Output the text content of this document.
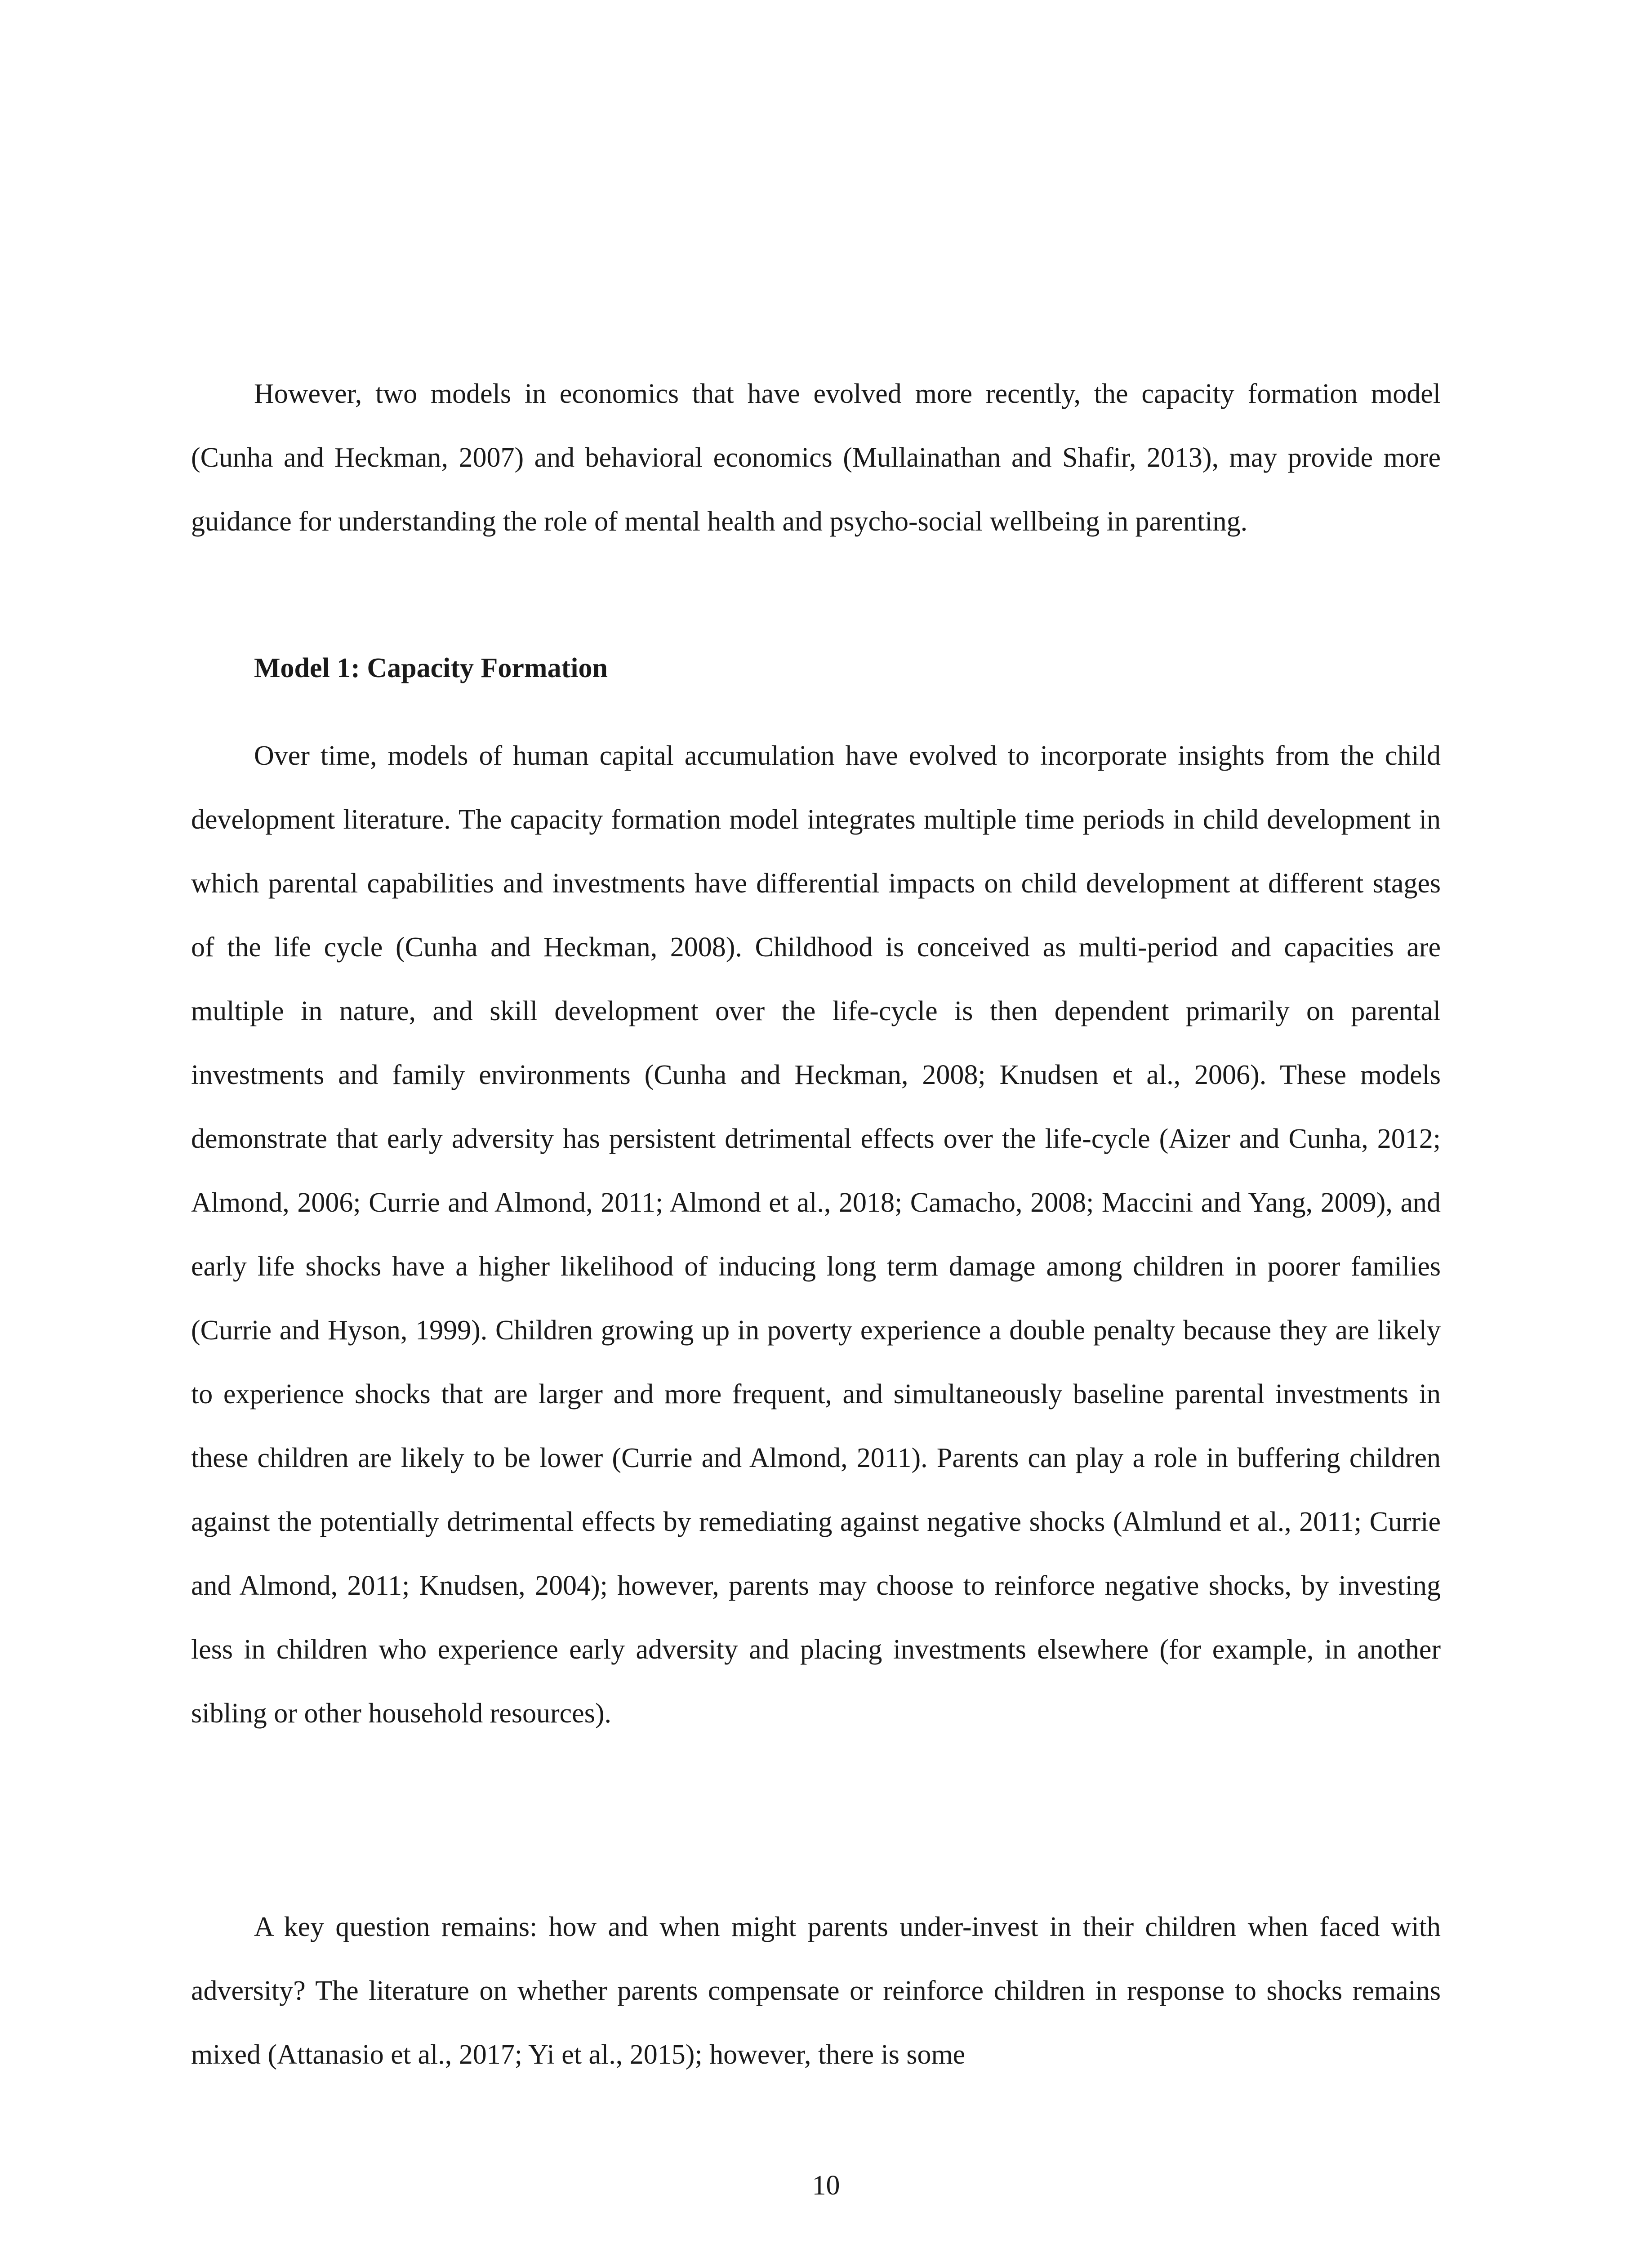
However, two models in economics that have evolved more recently, the capacity formation model (Cunha and Heckman, 2007) and behavioral economics (Mullainathan and Shafir, 2013), may provide more guidance for understanding the role of mental health and psycho-social wellbeing in parenting.

Model 1: Capacity Formation

Over time, models of human capital accumulation have evolved to incorporate insights from the child development literature. The capacity formation model integrates multiple time periods in child development in which parental capabilities and investments have differential impacts on child development at different stages of the life cycle (Cunha and Heckman, 2008). Childhood is conceived as multi-period and capacities are multiple in nature, and skill development over the life-cycle is then dependent primarily on parental investments and family environments (Cunha and Heckman, 2008; Knudsen et al., 2006). These models demonstrate that early adversity has persistent detrimental effects over the life-cycle (Aizer and Cunha, 2012; Almond, 2006; Currie and Almond, 2011; Almond et al., 2018; Camacho, 2008; Maccini and Yang, 2009), and early life shocks have a higher likelihood of inducing long term damage among children in poorer families (Currie and Hyson, 1999). Children growing up in poverty experience a double penalty because they are likely to experience shocks that are larger and more frequent, and simultaneously baseline parental investments in these children are likely to be lower (Currie and Almond, 2011). Parents can play a role in buffering children against the potentially detrimental effects by remediating against negative shocks (Almlund et al., 2011; Currie and Almond, 2011; Knudsen, 2004); however, parents may choose to reinforce negative shocks, by investing less in children who experience early adversity and placing investments elsewhere (for example, in another sibling or other household resources).

A key question remains: how and when might parents under-invest in their children when faced with adversity? The literature on whether parents compensate or reinforce children in response to shocks remains mixed (Attanasio et al., 2017; Yi et al., 2015); however, there is some

10
